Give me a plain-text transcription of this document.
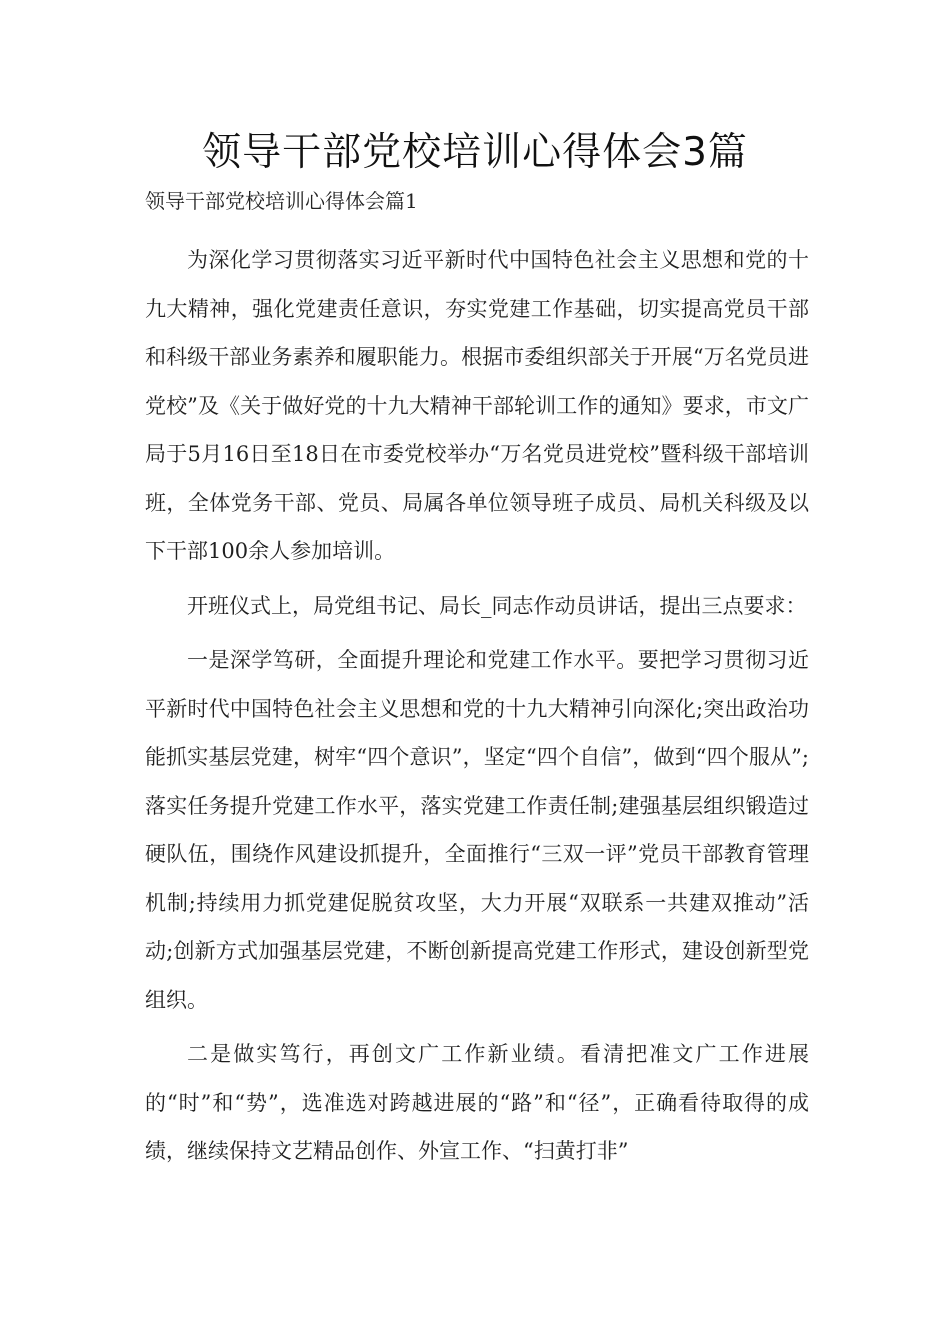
领导干部党校培训心得体会3篇

领导干部党校培训心得体会篇1

为深化学习贯彻落实习近平新时代中国特色社会主义思想和党的十九大精神，强化党建责任意识，夯实党建工作基础，切实提高党员干部和科级干部业务素养和履职能力。根据市委组织部关于开展“万名党员进党校”及《关于做好党的十九大精神干部轮训工作的通知》要求，市文广局于5月16日至18日在市委党校举办“万名党员进党校”暨科级干部培训班，全体党务干部、党员、局属各单位领导班子成员、局机关科级及以下干部100余人参加培训。

开班仪式上，局党组书记、局长_同志作动员讲话，提出三点要求：

一是深学笃研，全面提升理论和党建工作水平。要把学习贯彻习近平新时代中国特色社会主义思想和党的十九大精神引向深化;突出政治功能抓实基层党建，树牢“四个意识”，坚定“四个自信”，做到“四个服从”;落实任务提升党建工作水平，落实党建工作责任制;建强基层组织锻造过硬队伍，围绕作风建设抓提升，全面推行“三双一评”党员干部教育管理机制;持续用力抓党建促脱贫攻坚，大力开展“双联系一共建双推动”活动;创新方式加强基层党建，不断创新提高党建工作形式，建设创新型党组织。

二是做实笃行，再创文广工作新业绩。看清把准文广工作进展的“时”和“势”，选准选对跨越进展的“路”和“径”，正确看待取得的成绩，继续保持文艺精品创作、外宣工作、“扫黄打非”
